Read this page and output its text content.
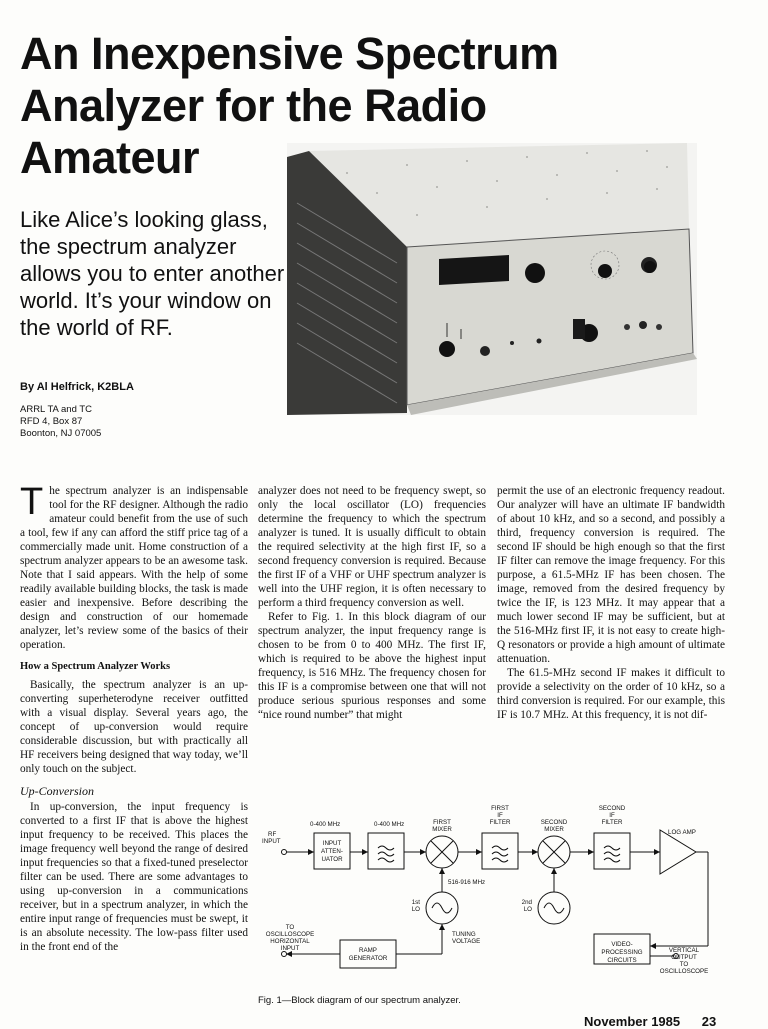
An Inexpensive Spectrum Analyzer for the Radio Amateur

Like Alice’s looking glass, the spectrum analyzer allows you to enter another world. It’s your window on the world of RF.

By Al Helfrick, K2BLA
ARRL TA and TC
RFD 4, Box 87
Boonton, NJ 07005

The spectrum analyzer is an indispensable tool for the RF designer. Although the radio amateur could benefit from the use of such a tool, few if any can afford the stiff price tag of a commercially made unit. Home construction of a spectrum analyzer appears to be an awesome task. Note that I said appears. With the help of some readily available building blocks, the task is made easier and inexpensive. Before describing the design and construction of our homemade analyzer, let’s review some of the basics of their operation.

How a Spectrum Analyzer Works

Basically, the spectrum analyzer is an up-converting superheterodyne receiver outfitted with a visual display. Several years ago, the concept of up-conversion would require considerable discussion, but with practically all HF receivers being designed that way today, we’ll only touch on the subject.

Up-Conversion

In up-conversion, the input frequency is converted to a first IF that is above the highest input frequency to be received. This places the image frequency well beyond the range of desired input frequencies so that a fixed-tuned preselector filter can be used. There are some advantages to using up-conversion in a communications receiver, but in a spectrum analyzer, in which the entire input range of frequencies must be swept, it is an absolute necessity. The low-pass filter used in the front end of the

analyzer does not need to be frequency swept, so only the local oscillator (LO) frequencies determine the frequency to which the spectrum analyzer is tuned. It is usually difficult to obtain the required selectivity at the high first IF, so a second frequency conversion is required. Because the first IF of a VHF or UHF spectrum analyzer is well into the UHF region, it is often necessary to perform a third frequency conversion as well.

Refer to Fig. 1. In this block diagram of our spectrum analyzer, the input frequency range is chosen to be from 0 to 400 MHz. The first IF, which is required to be above the highest input frequency, is 516 MHz. The frequency chosen for this IF is a compromise between one that will not produce serious spurious responses and some “nice round number” that might

permit the use of an electronic frequency readout. Our analyzer will have an ultimate IF bandwidth of about 10 kHz, and so a second, and possibly a third, frequency conversion is required. The second IF should be high enough so that the first IF filter can remove the image frequency. For this purpose, a 61.5-MHz IF has been chosen. The image, removed from the desired frequency by twice the IF, is 123 MHz. It may appear that a much lower second IF may be sufficient, but at the 516-MHz first IF, it is not easy to create high-Q resonators or provide a high amount of ultimate attenuation.

The 61.5-MHz second IF makes it difficult to provide a selectivity on the order of 10 kHz, so a third conversion is required. For our example, this IF is 10.7 MHz. At this frequency, it is not dif-

RF
INPUT
0-400 MHz	0-400 MHz
INPUT
ATTEN-
UATOR
FIRST
MIXER
FIRST
IF
FILTER	SECOND
MIXER
SECOND
IF
FILTER
LOG AMP
516-916 MHz
1st
LO
2nd
LO
TUNING
VOLTAGE
TO
OSCILLOSCOPE
HORIZONTAL
INPUT	RAMP
GENERATOR
VIDEO-
PROCESSING
CIRCUITS
VERTICAL
OUTPUT
TO
OSCILLOSCOPE
Fig. 1—Block diagram of our spectrum analyzer.
November 1985 23
